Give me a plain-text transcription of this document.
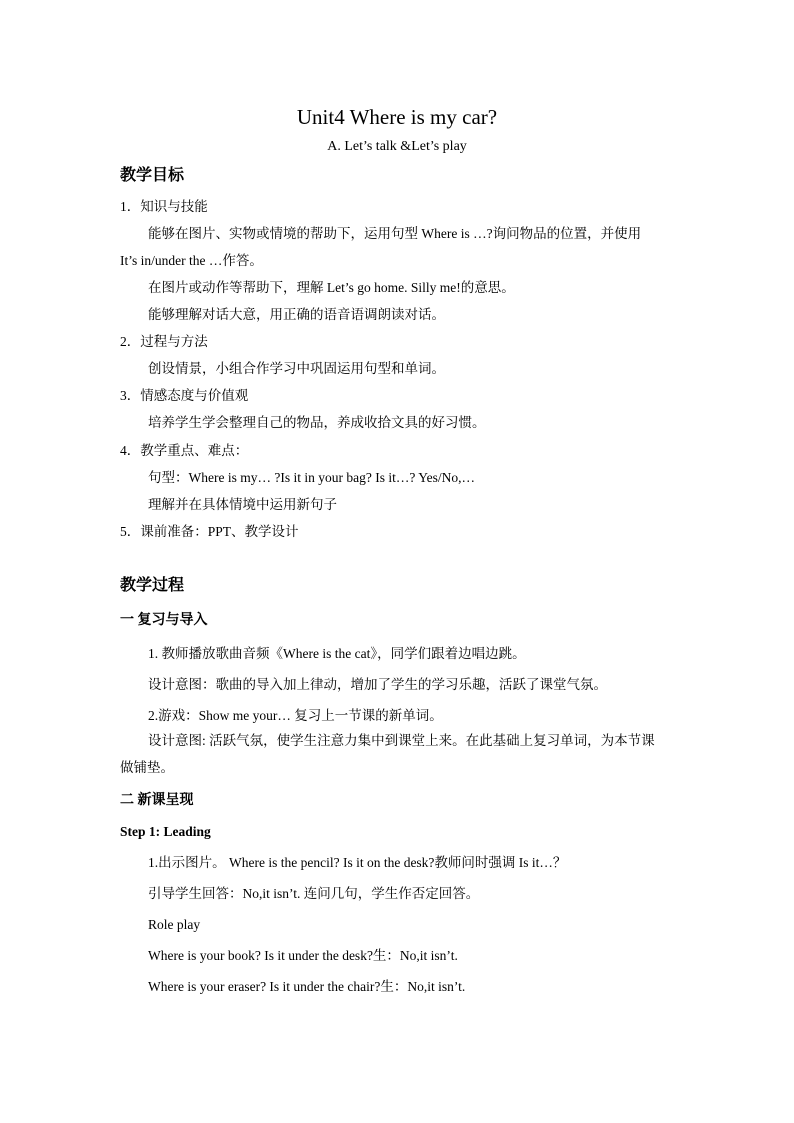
Unit4 Where is my car?
A. Let’s talk &Let’s play
教学目标
1．知识与技能
能够在图片、实物或情境的帮助下，运用句型 Where is …?询问物品的位置，并使用
It’s in/under the …作答。
在图片或动作等帮助下，理解 Let’s go home. Silly me!的意思。
能够理解对话大意，用正确的语音语调朗读对话。
2．过程与方法
创设情景，小组合作学习中巩固运用句型和单词。
3．情感态度与价值观
培养学生学会整理自己的物品，养成收拾文具的好习惯。
4．教学重点、难点：
句型：Where is my… ?Is it in your bag? Is it…? Yes/No,…
理解并在具体情境中运用新句子
5．课前准备：PPT、教学设计
教学过程
一 复习与导入
1. 教师播放歌曲音频《Where is the cat》，同学们跟着边唱边跳。
设计意图：歌曲的导入加上律动，增加了学生的学习乐趣，活跃了课堂气氛。
2.游戏：Show me your… 复习上一节课的新单词。
设计意图: 活跃气氛，使学生注意力集中到课堂上来。在此基础上复习单词，为本节课
做铺垫。
二 新课呈现
Step 1: Leading
1.出示图片。 Where is the pencil? Is it on the desk?教师问时强调 Is it…？
引导学生回答：No,it isn’t. 连问几句，学生作否定回答。
Role play
Where is your book? Is it under the desk?生：No,it isn’t.
Where is your eraser? Is it under the chair?生：No,it isn’t.
